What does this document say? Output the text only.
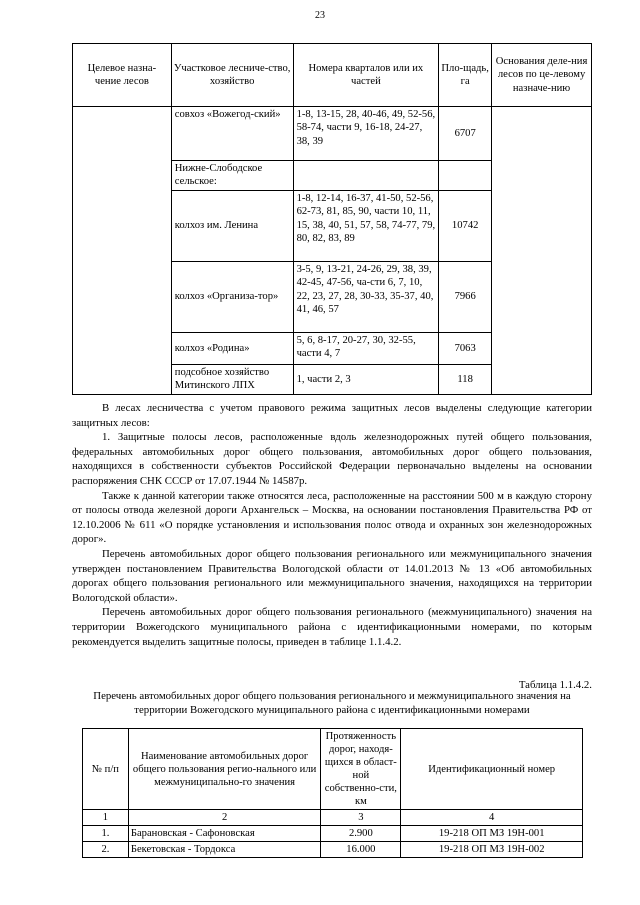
23
Целевое назна-чение лесов	Участковое лесниче-ство, хозяйство	Номера кварталов или их частей	Пло-щадь, га	Основания деле-ния лесов по це-левому назначе-нию
	совхоз «Вожегод-ский»	1-8, 13-15, 28, 40-46, 49, 52-56, 58-74, части 9, 16-18, 24-27, 38, 39	6707	
	Нижне-Слободское сельское:			
	колхоз им. Ленина	1-8, 12-14, 16-37, 41-50, 52-56, 62-73, 81, 85, 90, части 10, 11, 15, 38, 40, 51, 57, 58, 74-77, 79, 80, 82, 83, 89	10742	
	колхоз «Организа-тор»	3-5, 9, 13-21, 24-26, 29, 38, 39, 42-45, 47-56, ча-сти 6, 7, 10, 22, 23, 27, 28, 30-33, 35-37, 40, 41, 46, 57	7966	
	колхоз «Родина»	5, 6, 8-17, 20-27, 30, 32-55, части 4, 7	7063	
	подсобное хозяйство Митинского ЛПХ	1, части 2, 3	118	

В лесах лесничества с учетом правового режима защитных лесов выделены следующие категории защитных лесов:

1. Защитные полосы лесов, расположенные вдоль железнодорожных путей общего пользования, федеральных автомобильных дорог общего пользования, автомобильных дорог общего пользования, находящихся в собственности субъектов Российской Федерации первоначально выделены на основании распоряжения СНК СССР от 17.07.1944 № 14587р.

Также к данной категории также относятся леса, расположенные на расстоянии 500 м в каждую сторону от полосы отвода железной дороги Архангельск – Москва, на основании постановления Правительства РФ от 12.10.2006 № 611 «О порядке установления и использования полос отвода и охранных зон железнодорожных дорог».

Перечень автомобильных дорог общего пользования регионального или межмуниципального значения утвержден постановлением Правительства Вологодской области от 14.01.2013 № 13 «Об автомобильных дорогах общего пользования регионального или межмуниципального значения, находящихся на территории Вологодской области».

Перечень автомобильных дорог общего пользования регионального (межмуниципального) значения на территории Вожегодского муниципального района с идентификационными номерами, по которым рекомендуется выделить защитные полосы, приведен в таблице 1.1.4.2.

Таблица 1.1.4.2.
Перечень автомобильных дорог общего пользования регионального и межмуниципального значения на территории Вожегодского муниципального района с идентификационными номерами
№ п/п	Наименование автомобильных дорог общего пользования регио-нального или межмуниципально-го значения	Протяженность дорог, находя-щихся в област-ной собственно-сти, км	Идентификационный номер
1	2	3	4
1.	Барановская - Сафоновская	2.900	19-218 ОП МЗ 19Н-001
2.	Бекетовская - Тордокса	16.000	19-218 ОП МЗ 19Н-002
